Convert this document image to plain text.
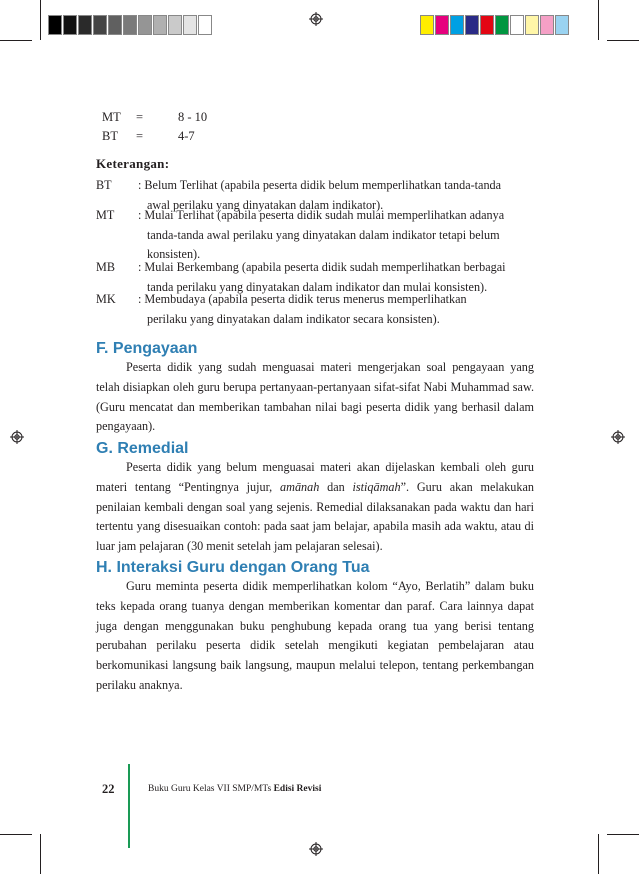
MT =	8 - 10
BT =	4-7
Keterangan:
BT : Belum Terlihat (apabila peserta didik belum memperlihatkan tanda-tanda
awal perilaku yang dinyatakan dalam indikator).
MT : Mulai Terlihat (apabila peserta didik sudah mulai memperlihatkan adanya
tanda-tanda awal perilaku yang dinyatakan dalam indikator tetapi belum
konsisten).
MB : Mulai Berkembang (apabila peserta didik sudah memperlihatkan berbagai
tanda perilaku yang dinyatakan dalam indikator dan mulai konsisten).
MK : Membudaya (apabila peserta didik terus menerus memperlihatkan
perilaku yang dinyatakan dalam indikator secara konsisten).
F. Pengayaan
Peserta didik yang sudah menguasai materi mengerjakan soal pengayaan yang telah disiapkan oleh guru berupa pertanyaan-pertanyaan sifat-sifat Nabi Muhammad saw. (Guru mencatat dan memberikan tambahan nilai bagi peserta didik yang berhasil dalam pengayaan).
G. Remedial
Peserta didik yang belum menguasai materi akan dijelaskan kembali oleh guru materi tentang “Pentingnya jujur, amānah dan istiqāmah”. Guru akan melakukan penilaian kembali dengan soal yang sejenis. Remedial dilaksanakan pada waktu dan hari tertentu yang disesuaikan contoh: pada saat jam belajar, apabila masih ada waktu, atau di luar jam pelajaran (30 menit setelah jam pelajaran selesai).
H. Interaksi Guru dengan Orang Tua
Guru meminta peserta didik memperlihatkan kolom “Ayo, Berlatih” dalam buku teks kepada orang tuanya dengan memberikan komentar dan paraf. Cara lainnya dapat juga dengan menggunakan buku penghubung kepada orang tua yang berisi tentang perubahan perilaku peserta didik setelah mengikuti kegiatan pembelajaran atau berkomunikasi langsung baik langsung, maupun melalui telepon, tentang perkembangan perilaku anaknya.
22	Buku Guru Kelas VII SMP/MTs Edisi Revisi
